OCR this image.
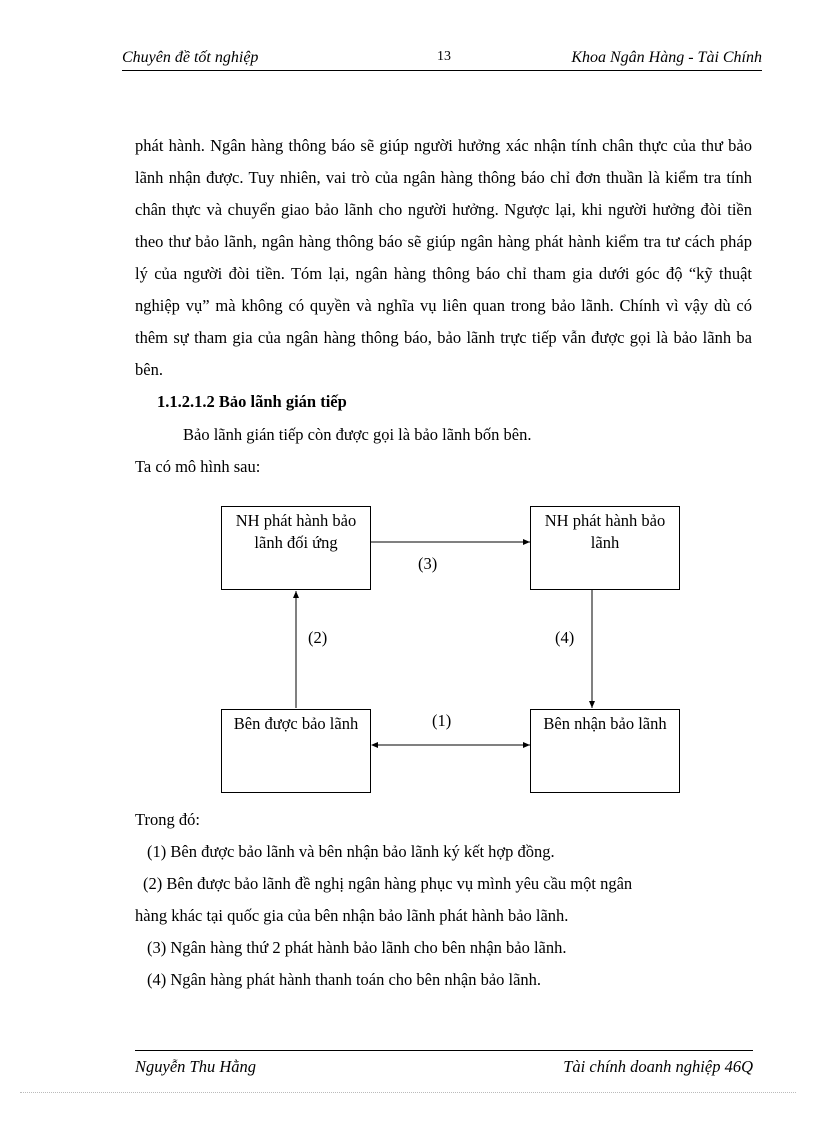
Chuyên đề tốt nghiệp	13	Khoa Ngân Hàng - Tài Chính
phát hành. Ngân hàng thông báo sẽ giúp người hưởng xác nhận tính chân thực của thư bảo lãnh nhận được. Tuy nhiên, vai trò của ngân hàng thông báo chỉ đơn thuần là kiểm tra tính chân thực và chuyển giao bảo lãnh cho người hưởng. Ngược lại, khi người hưởng đòi tiền theo thư bảo lãnh, ngân hàng thông báo sẽ giúp ngân hàng phát hành kiểm tra tư cách pháp lý của người đòi tiền. Tóm lại, ngân hàng thông báo chỉ tham gia dưới góc độ “kỹ thuật nghiệp vụ” mà không có quyền và nghĩa vụ liên quan trong bảo lãnh. Chính vì vậy dù có thêm sự tham gia của ngân hàng thông báo, bảo lãnh trực tiếp vẫn được gọi là bảo lãnh ba bên.
1.1.2.1.2 Bảo lãnh gián tiếp
Bảo lãnh gián tiếp còn được gọi là bảo lãnh bốn bên.
Ta có mô hình sau:
NH phát hành bảo lãnh đối ứng
NH phát hành bảo lãnh
Bên được bảo lãnh	Bên nhận bảo lãnh
(3)
(2)	(4)
(1)
Trong đó:
(1) Bên được bảo lãnh và bên nhận bảo lãnh ký kết hợp đồng.
(2) Bên được bảo lãnh đề nghị ngân hàng phục vụ mình yêu cầu một ngân
hàng khác tại quốc gia của bên nhận bảo lãnh phát hành bảo lãnh.
(3) Ngân hàng thứ 2 phát hành bảo lãnh cho bên nhận bảo lãnh.
(4) Ngân hàng phát hành thanh toán cho bên nhận bảo lãnh.
Nguyễn Thu Hằng	Tài chính doanh nghiệp 46Q
